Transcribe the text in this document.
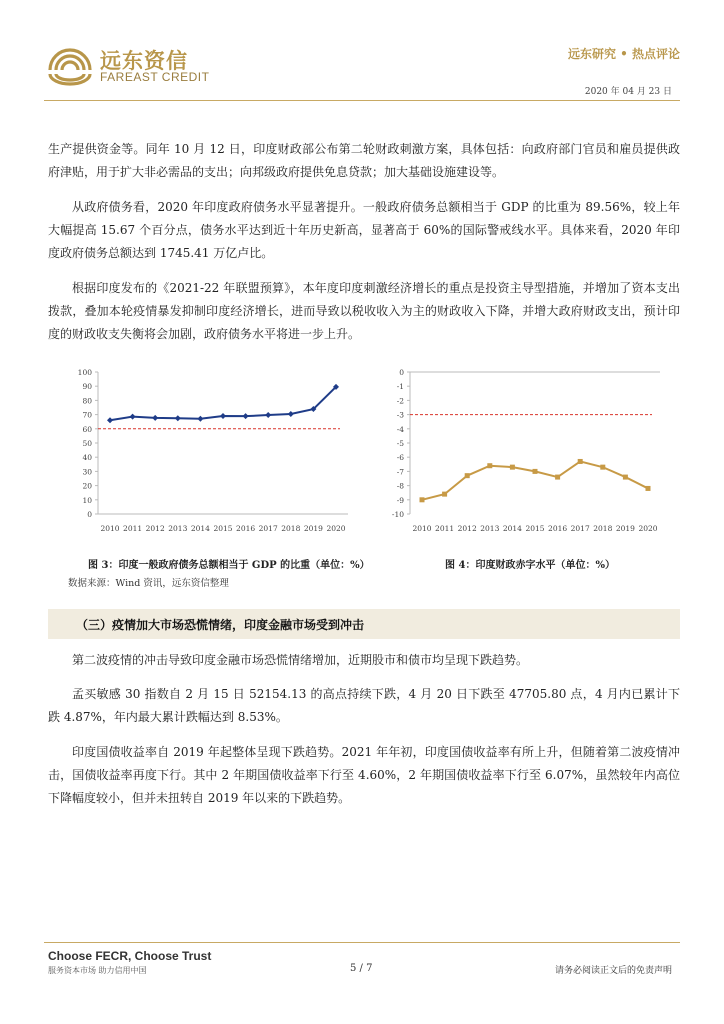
远东资信
FAREAST CREDIT
远东研究 • 热点评论
2020 年 04 月 23 日
生产提供资金等。同年 10 月 12 日，印度财政部公布第二轮财政刺激方案，具体包括：向政府部门官员和雇员提供政府津贴，用于扩大非必需品的支出；向邦级政府提供免息贷款；加大基础设施建设等。
从政府债务看，2020 年印度政府债务水平显著提升。一般政府债务总额相当于 GDP 的比重为 89.56%，较上年大幅提高 15.67 个百分点，债务水平达到近十年历史新高，显著高于 60%的国际警戒线水平。具体来看，2020 年印度政府债务总额达到 1745.41 万亿卢比。
根据印度发布的《2021-22 年联盟预算》，本年度印度刺激经济增长的重点是投资主导型措施，并增加了资本支出拨款，叠加本轮疫情暴发抑制印度经济增长，进而导致以税收收入为主的财政收入下降，并增大政府财政支出，预计印度的财政收支失衡将会加剧，政府债务水平将进一步上升。
0
10
20
30
40
50
60
70
80
90
100
2010 2011 2012 2013 2014 2015 2016 2017 2018 2019 2020
0
-1
-2
-3
-4
-5
-6
-7
-8
-9
-10
2010 2011 2012 2013 2014 2015 2016 2017 2018 2019 2020
图 3：印度一般政府债务总额相当于 GDP 的比重（单位：%）	图 4：印度财政赤字水平（单位：%）
数据来源：Wind 资讯，远东资信整理
（三）疫情加大市场恐慌情绪，印度金融市场受到冲击
第二波疫情的冲击导致印度金融市场恐慌情绪增加，近期股市和债市均呈现下跌趋势。
孟买敏感 30 指数自 2 月 15 日 52154.13 的高点持续下跌，4 月 20 日下跌至 47705.80 点，4 月内已累计下跌 4.87%，年内最大累计跌幅达到 8.53%。
印度国债收益率自 2019 年起整体呈现下跌趋势。2021 年年初，印度国债收益率有所上升，但随着第二波疫情冲击，国债收益率再度下行。其中 2 年期国债收益率下行至 4.60%，2 年期国债收益率下行至 6.07%，虽然较年内高位下降幅度较小，但并未扭转自 2019 年以来的下跌趋势。
Choose FECR, Choose Trust
服务资本市场 助力信用中国	5 / 7	请务必阅读正文后的免责声明
